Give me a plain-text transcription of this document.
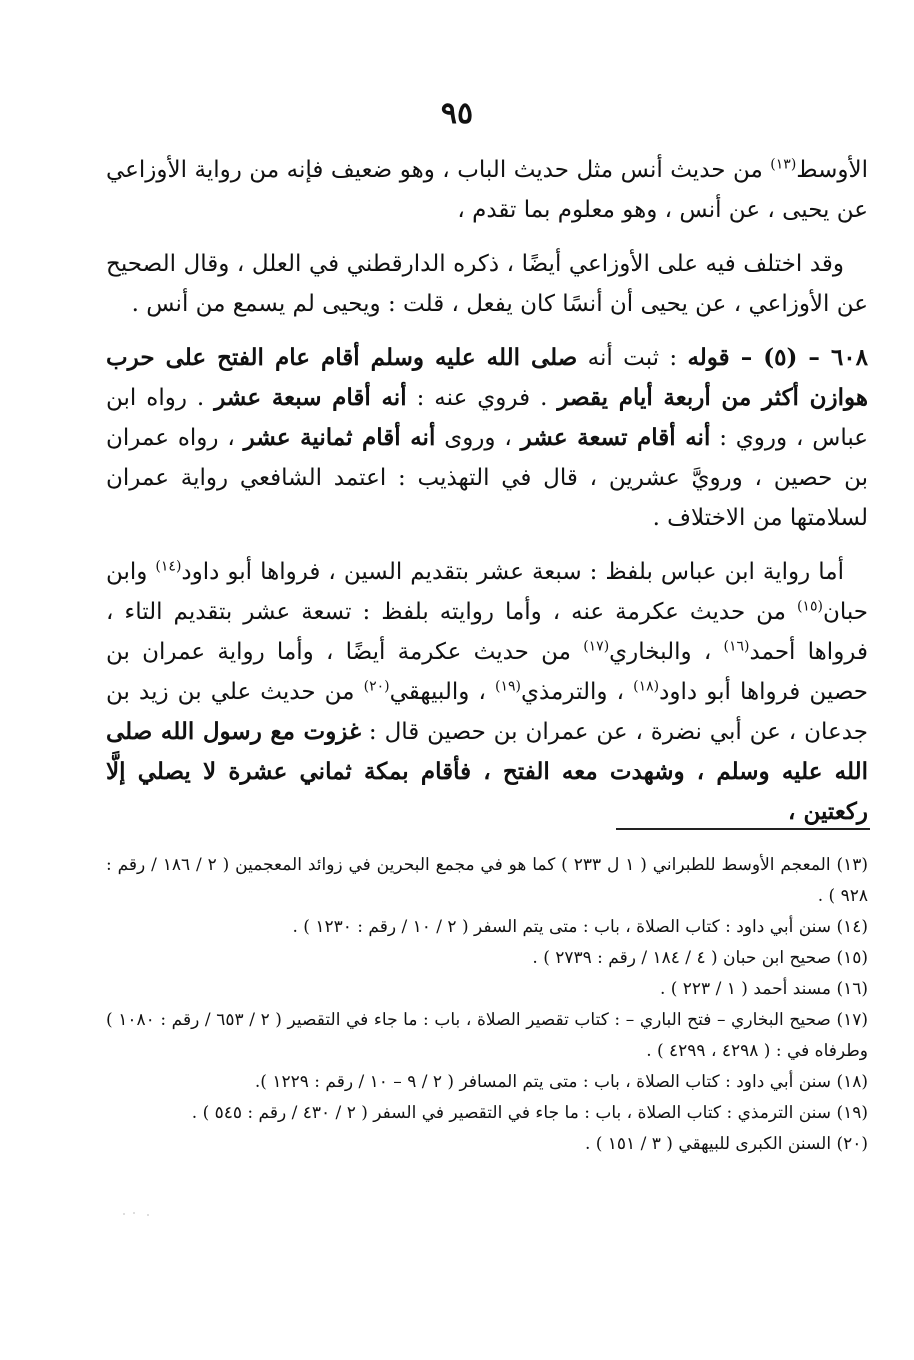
٩٥

الأوسط$^{(١٣)}$ من حديث أنس مثل حديث الباب ، وهو ضعيف فإنه من رواية الأوزاعي عن يحيى ، عن أنس ، وهو معلوم بما تقدم ،

وقد اختلف فيه على الأوزاعي أيضًا ، ذكره الدارقطني في العلل ، وقال الصحيح عن الأوزاعي ، عن يحيى أن أنسًا كان يفعل ، قلت : ويحيى لم يسمع من أنس .

٦٠٨ – (٥) – قوله : ثبت أنه صلى الله عليه وسلم أقام عام الفتح على حرب هوازن أكثر من أربعة أيام يقصر . فروي عنه : أنه أقام سبعة عشر . رواه ابن عباس ، وروي : أنه أقام تسعة عشر ، وروى أنه أقام ثمانية عشر ، رواه عمران بن حصين ، ورويَّ عشرين ، قال في التهذيب : اعتمد الشافعي رواية عمران لسلامتها من الاختلاف .

أما رواية ابن عباس بلفظ : سبعة عشر بتقديم السين ، فرواها أبو داود$^{(١٤)}$ وابن حبان$^{(١٥)}$ من حديث عكرمة عنه ، وأما روايته بلفظ : تسعة عشر بتقديم التاء ، فرواها أحمد$^{(١٦)}$ ، والبخاري$^{(١٧)}$ من حديث عكرمة أيضًا ، وأما رواية عمران بن حصين فرواها أبو داود$^{(١٨)}$ ، والترمذي$^{(١٩)}$ ، والبيهقي$^{(٢٠)}$ من حديث علي بن زيد بن جدعان ، عن أبي نضرة ، عن عمران بن حصين قال : غزوت مع رسول الله صلى الله عليه وسلم ، وشهدت معه الفتح ، فأقام بمكة ثماني عشرة لا يصلي إلَّا ركعتين ،

(١٣) المعجم الأوسط للطبراني ( ١ ل ٢٣٣ ) كما هو في مجمع البحرين في زوائد المعجمين ( ٢ / ١٨٦ / رقم : ٩٢٨ ) .
(١٤) سنن أبي داود : كتاب الصلاة ، باب : متى يتم السفر ( ٢ / ١٠ / رقم : ١٢٣٠ ) .
(١٥) صحيح ابن حبان ( ٤ / ١٨٤ / رقم : ٢٧٣٩ ) .
(١٦) مسند أحمد ( ١ / ٢٢٣ ) .
(١٧) صحيح البخاري – فتح الباري – : كتاب تقصير الصلاة ، باب : ما جاء في التقصير ( ٢ / ٦٥٣ / رقم : ١٠٨٠ ) وطرفاه في : ( ٤٢٩٨ ، ٤٢٩٩ ) .
(١٨) سنن أبي داود : كتاب الصلاة ، باب : متى يتم المسافر ( ٢ / ٩ – ١٠ / رقم : ١٢٢٩ ).
(١٩) سنن الترمذي : كتاب الصلاة ، باب : ما جاء في التقصير في السفر ( ٢ / ٤٣٠ / رقم : ٥٤٥ ) .
(٢٠) السنن الكبرى للبيهقي ( ٣ / ١٥١ ) .
